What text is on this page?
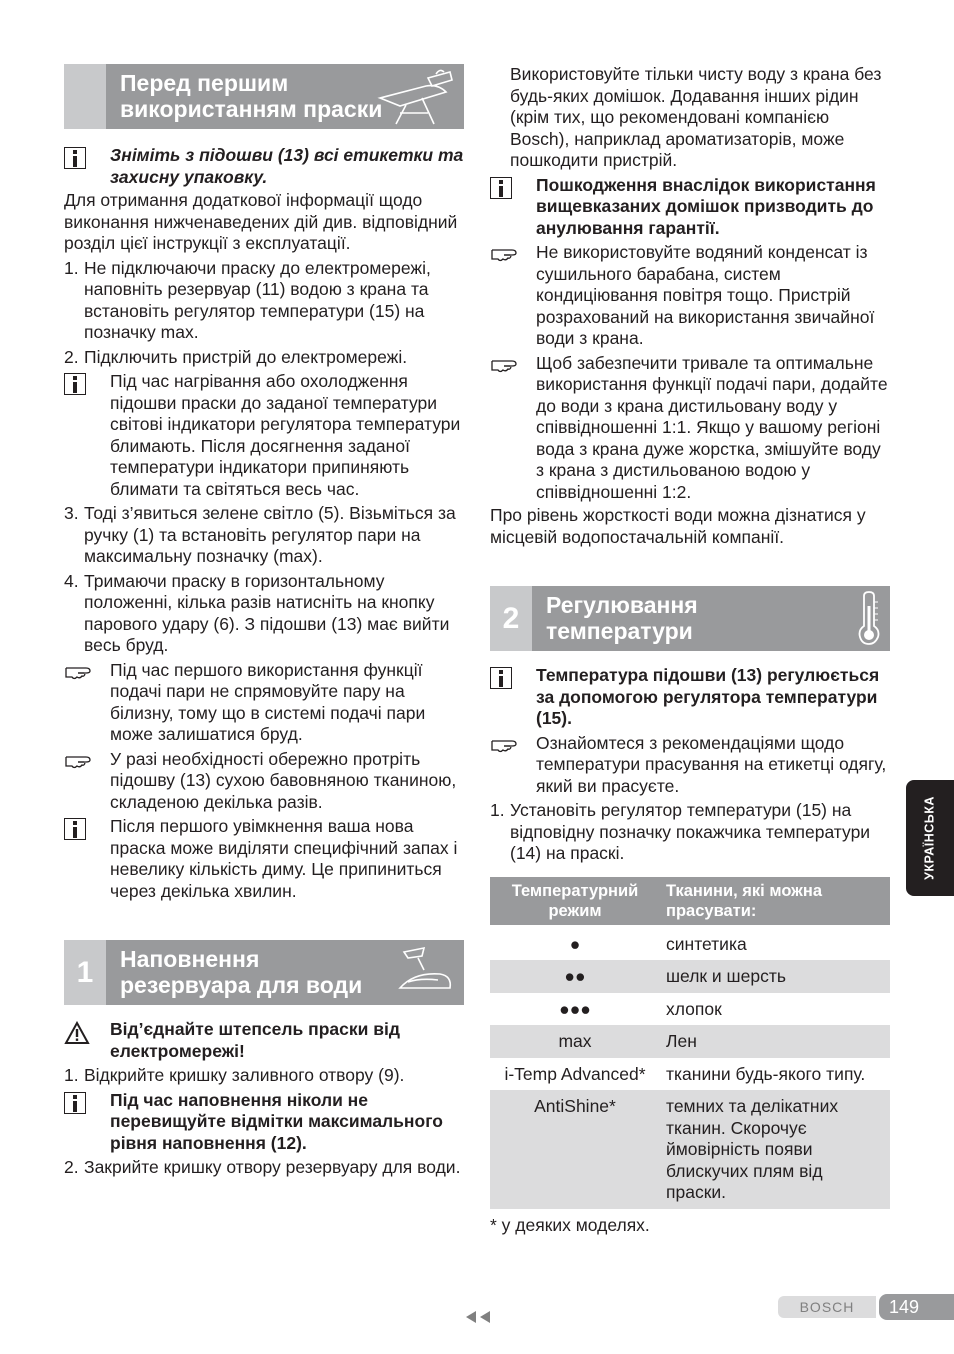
Перед першим використанням праски
Зніміть з підошви (13) всі етикетки та захисну упаковку.
Для отримання додаткової інформації щодо виконання нижченаведених дій див. відповідний розділ цієї інструкції з експлуатації.
1. Не підключаючи праску до електромережі, наповніть резервуар (11) водою з крана та встановіть регулятор температури (15) на позначку max.
2. Підключить пристрій до електромережі.
Під час нагрівання або охолодження підошви праски до заданої температури світові індикатори регулятора температури блимають. Після досягнення заданої температури індикатори припиняють блимати та світяться весь час.
3. Тоді з’явиться зелене світло (5). Візьміться за ручку (1) та встановіть регулятор пари на максимальну позначку (max).
4. Тримаючи праску в горизонтальному положенні, кілька разів натисніть на кнопку парового удару (6). З підошви (13) має вийти весь бруд.
Під час першого використання функції подачі пари не спрямовуйте пару на білизну, тому що в системі подачі пари може залишатися бруд.
У разі необхідності обережно протріть підошву (13) сухою бавовняною тканиною, складеною декілька разів.
Після першого увімкнення ваша нова праска може виділяти специфічний запах і невелику кількість диму. Це припиниться через декілька хвилин.
1	Наповнення резервуара для води
Від’єднайте штепсель праски від електромережі!
1. Відкрийте кришку заливного отвору (9).
Під час наповнення ніколи не перевищуйте відмітки максимального рівня наповнення (12).
2. Закрийте кришку отвору резервуару для води.
Використовуйте тільки чисту воду з крана без будь-яких домішок. Додавання інших рідин (крім тих, що рекомендовані компанією Bosch), наприклад ароматизаторів, може пошкодити пристрій.
Пошкодження внаслідок використання вищевказаних домішок призводить до анулювання гарантії.
Не використовуйте водяний конденсат із сушильного барабана, систем кондиціювання повітря тощо. Пристрій розрахований на використання звичайної води з крана.
Щоб забезпечити тривале та оптимальне використання функції подачі пари, додайте до води з крана дистильовану воду у співвідношенні 1:1. Якщо у вашому регіоні вода з крана дуже жорстка, змішуйте воду з крана з дистильованою водою у співвідношенні 1:2.
Про рівень жорсткості води можна дізнатися у місцевій водопостачальній компанії.
2	Регулювання температури
Температура підошви (13) регулюється за допомогою регулятора температури (15).
Ознайомтеся з рекомендаціями щодо температури прасування на етикетці одягу, який ви прасуєте.
1. Установіть регулятор температури (15) на відповідну позначку покажчика температури (14) на праскі.
Температурний режим	Тканини, які можна прасувати:

●	синтетика
●●	шелк и шерсть
●●●	хлопок
max	Лен
i-Temp Advanced*	тканини будь-якого типу.
AntiShine*	темних та делікатних тканин. Скорочує ймовірність появи блискучих плям від праски.
* у деяких моделях.
УКРАЇНСЬКА
BOSCH	149
